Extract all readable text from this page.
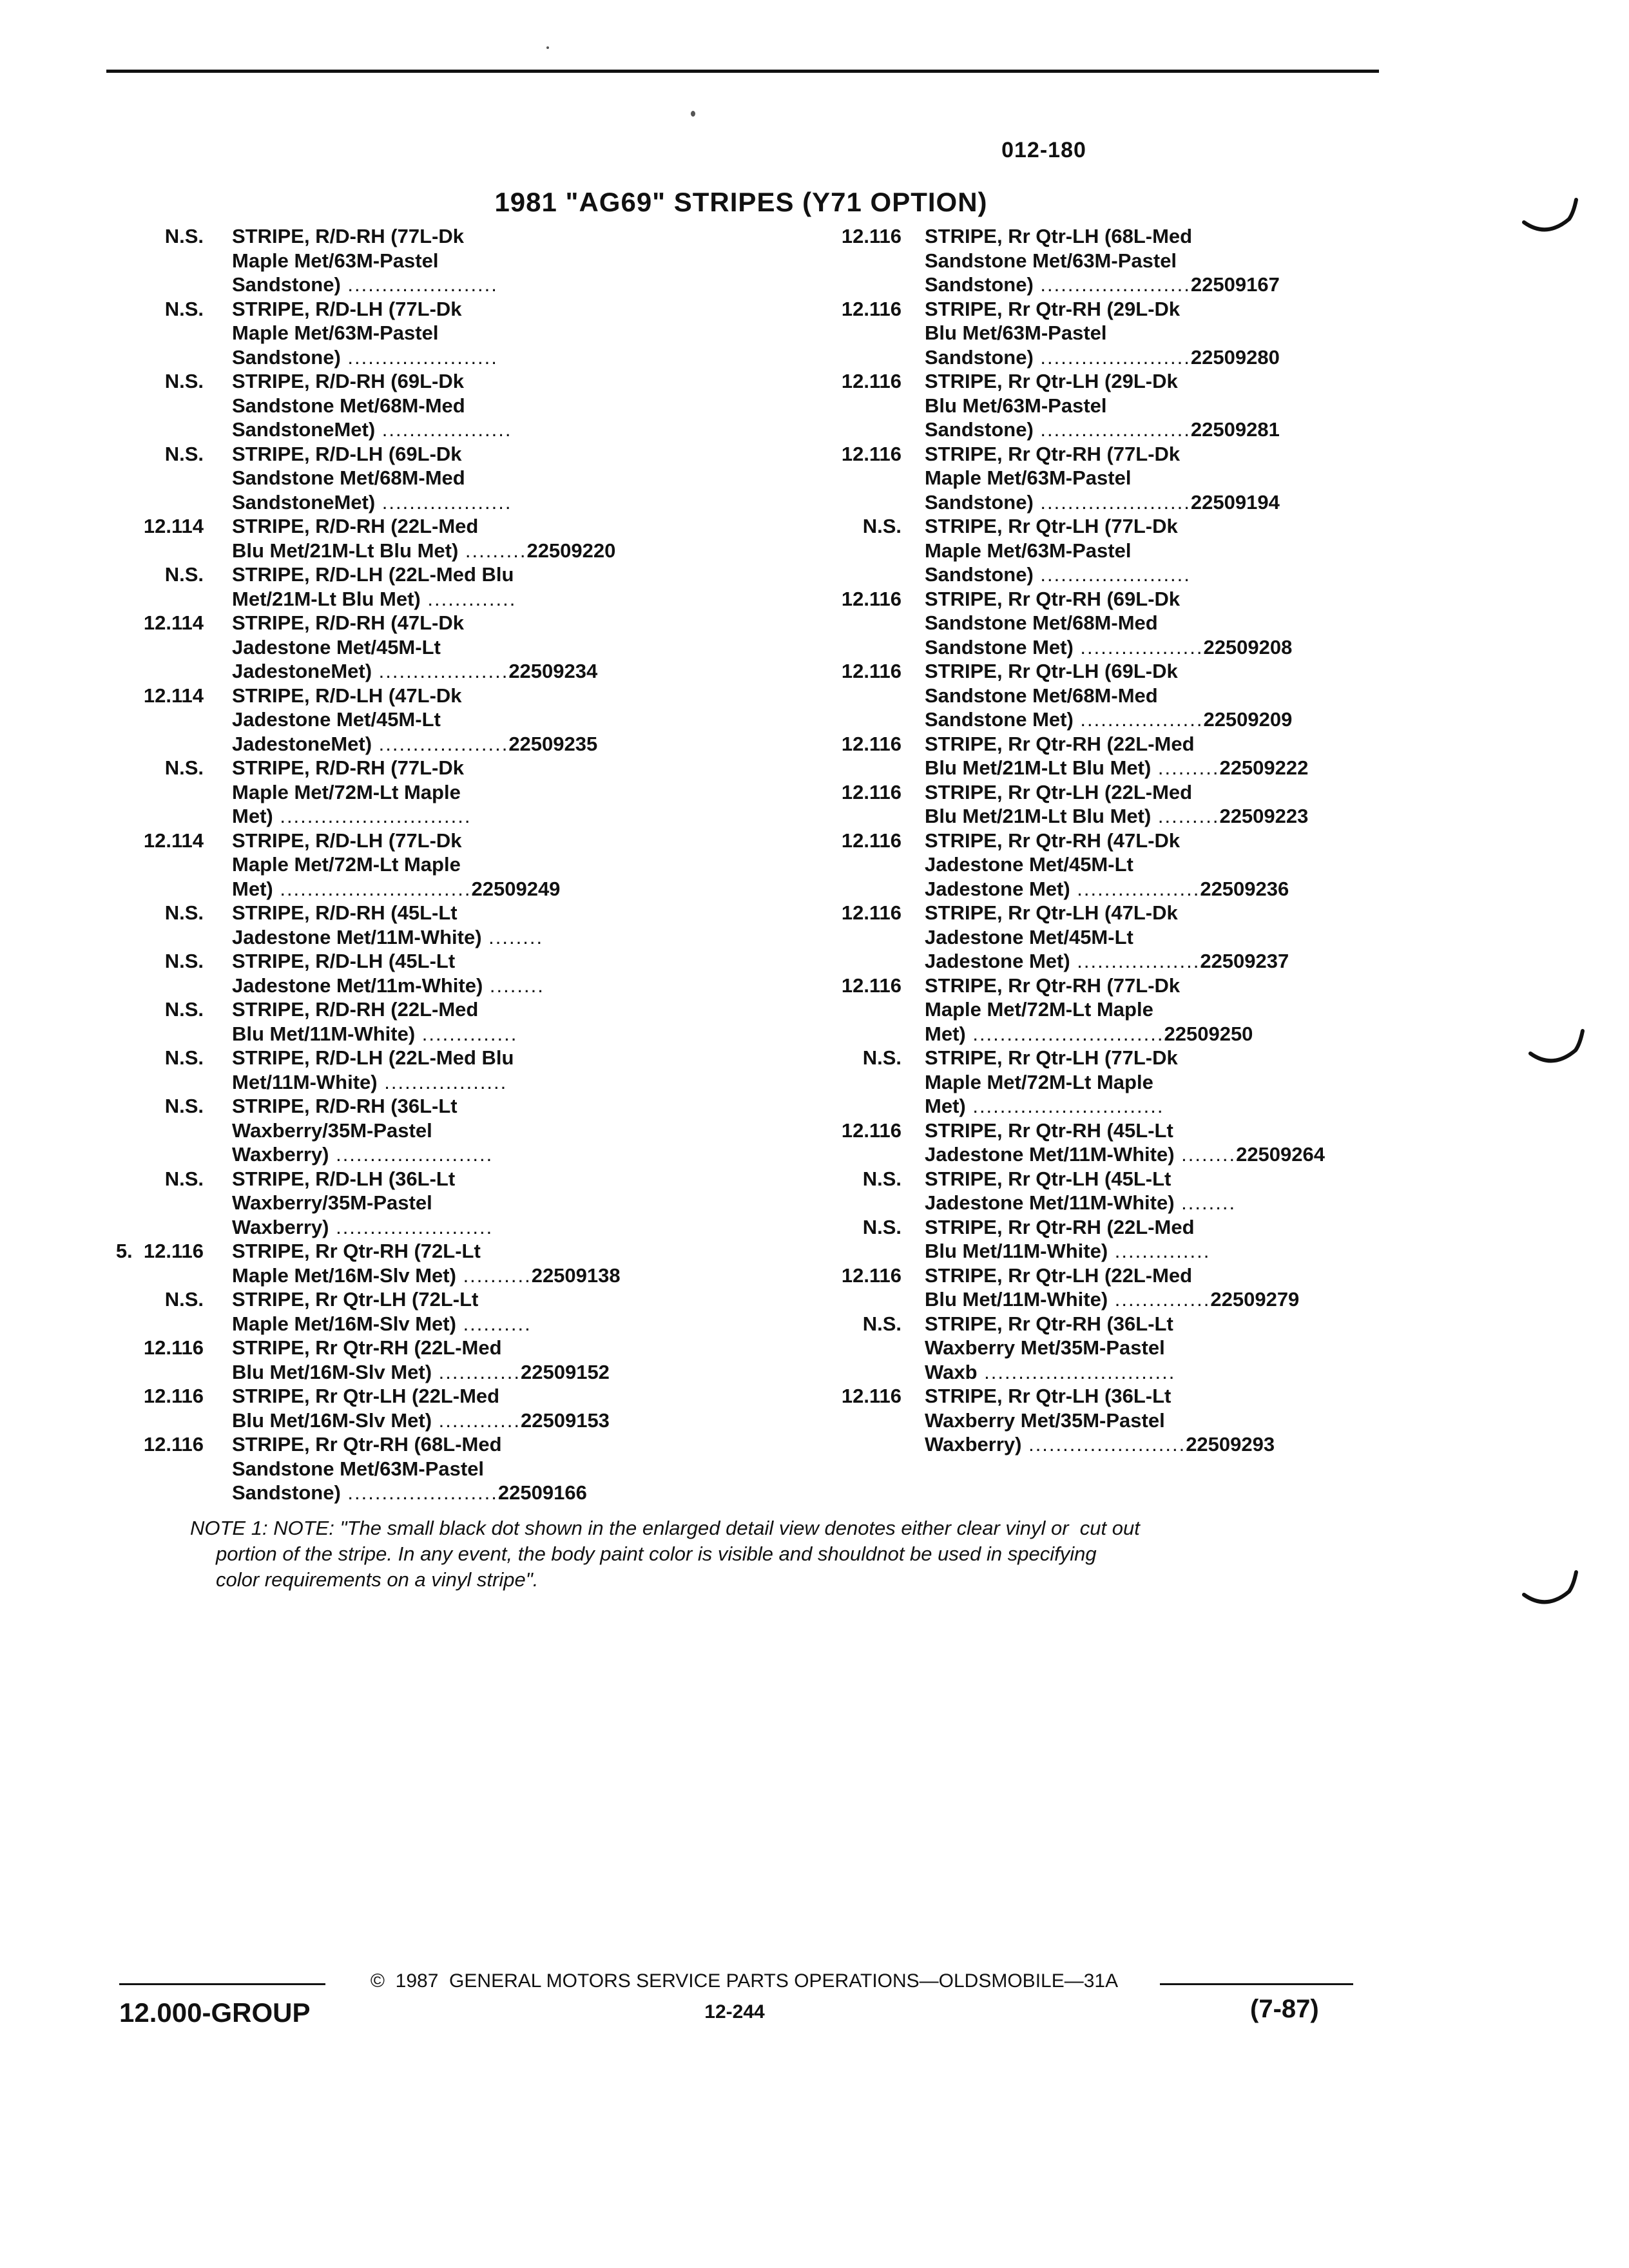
012-180
1981 "AG69" STRIPES (Y71 OPTION)
N.S.	STRIPE, R/D-RH (77L-Dk
Maple Met/63M-Pastel
Sandstone) ......................
N.S.	STRIPE, R/D-LH (77L-Dk
Maple Met/63M-Pastel
Sandstone) ......................
N.S.	STRIPE, R/D-RH (69L-Dk
Sandstone Met/68M-Med
SandstoneMet) ...................
N.S.	STRIPE, R/D-LH (69L-Dk
Sandstone Met/68M-Med
SandstoneMet) ...................
12.114	STRIPE, R/D-RH (22L-Med
Blu Met/21M-Lt Blu Met) .........22509220
N.S.	STRIPE, R/D-LH (22L-Med Blu
Met/21M-Lt Blu Met) .............
12.114	STRIPE, R/D-RH (47L-Dk
Jadestone Met/45M-Lt
JadestoneMet) ...................22509234
12.114	STRIPE, R/D-LH (47L-Dk
Jadestone Met/45M-Lt
JadestoneMet) ...................22509235
N.S.	STRIPE, R/D-RH (77L-Dk
Maple Met/72M-Lt Maple
Met) ............................
12.114	STRIPE, R/D-LH (77L-Dk
Maple Met/72M-Lt Maple
Met) ............................22509249
N.S.	STRIPE, R/D-RH (45L-Lt
Jadestone Met/11M-White) ........
N.S.	STRIPE, R/D-LH (45L-Lt
Jadestone Met/11m-White) ........
N.S.	STRIPE, R/D-RH (22L-Med
Blu Met/11M-White) ..............
N.S.	STRIPE, R/D-LH (22L-Med Blu
Met/11M-White) ..................
N.S.	STRIPE, R/D-RH (36L-Lt
Waxberry/35M-Pastel
Waxberry) .......................
N.S.	STRIPE, R/D-LH (36L-Lt
Waxberry/35M-Pastel
Waxberry) .......................
5.  12.116	STRIPE, Rr Qtr-RH (72L-Lt
Maple Met/16M-Slv Met) ..........22509138
N.S.	STRIPE, Rr Qtr-LH (72L-Lt
Maple Met/16M-Slv Met) ..........
12.116	STRIPE, Rr Qtr-RH (22L-Med
Blu Met/16M-Slv Met) ............22509152
12.116	STRIPE, Rr Qtr-LH (22L-Med
Blu Met/16M-Slv Met) ............22509153
12.116	STRIPE, Rr Qtr-RH (68L-Med
Sandstone Met/63M-Pastel
Sandstone) ......................22509166
12.116	STRIPE, Rr Qtr-LH (68L-Med
Sandstone Met/63M-Pastel
Sandstone) ......................22509167
12.116	STRIPE, Rr Qtr-RH (29L-Dk
Blu Met/63M-Pastel
Sandstone) ......................22509280
12.116	STRIPE, Rr Qtr-LH (29L-Dk
Blu Met/63M-Pastel
Sandstone) ......................22509281
12.116	STRIPE, Rr Qtr-RH (77L-Dk
Maple Met/63M-Pastel
Sandstone) ......................22509194
N.S.	STRIPE, Rr Qtr-LH (77L-Dk
Maple Met/63M-Pastel
Sandstone) ......................
12.116	STRIPE, Rr Qtr-RH (69L-Dk
Sandstone Met/68M-Med
Sandstone Met) ..................22509208
12.116	STRIPE, Rr Qtr-LH (69L-Dk
Sandstone Met/68M-Med
Sandstone Met) ..................22509209
12.116	STRIPE, Rr Qtr-RH (22L-Med
Blu Met/21M-Lt Blu Met) .........22509222
12.116	STRIPE, Rr Qtr-LH (22L-Med
Blu Met/21M-Lt Blu Met) .........22509223
12.116	STRIPE, Rr Qtr-RH (47L-Dk
Jadestone Met/45M-Lt
Jadestone Met) ..................22509236
12.116	STRIPE, Rr Qtr-LH (47L-Dk
Jadestone Met/45M-Lt
Jadestone Met) ..................22509237
12.116	STRIPE, Rr Qtr-RH (77L-Dk
Maple Met/72M-Lt Maple
Met) ............................22509250
N.S.	STRIPE, Rr Qtr-LH (77L-Dk
Maple Met/72M-Lt Maple
Met) ............................
12.116	STRIPE, Rr Qtr-RH (45L-Lt
Jadestone Met/11M-White) ........22509264
N.S.	STRIPE, Rr Qtr-LH (45L-Lt
Jadestone Met/11M-White) ........
N.S.	STRIPE, Rr Qtr-RH (22L-Med
Blu Met/11M-White) ..............
12.116	STRIPE, Rr Qtr-LH (22L-Med
Blu Met/11M-White) ..............22509279
N.S.	STRIPE, Rr Qtr-RH (36L-Lt
Waxberry Met/35M-Pastel
Waxb ............................
12.116	STRIPE, Rr Qtr-LH (36L-Lt
Waxberry Met/35M-Pastel
Waxberry) .......................22509293
NOTE 1: NOTE: "The small black dot shown in the enlarged detail view denotes either clear vinyl or  cut out
portion of the stripe. In any event, the body paint color is visible and shouldnot be used in specifying
color requirements on a vinyl stripe".
©  1987  GENERAL MOTORS SERVICE PARTS OPERATIONS—OLDSMOBILE—31A
12.000-GROUP	12-244	(7-87)
